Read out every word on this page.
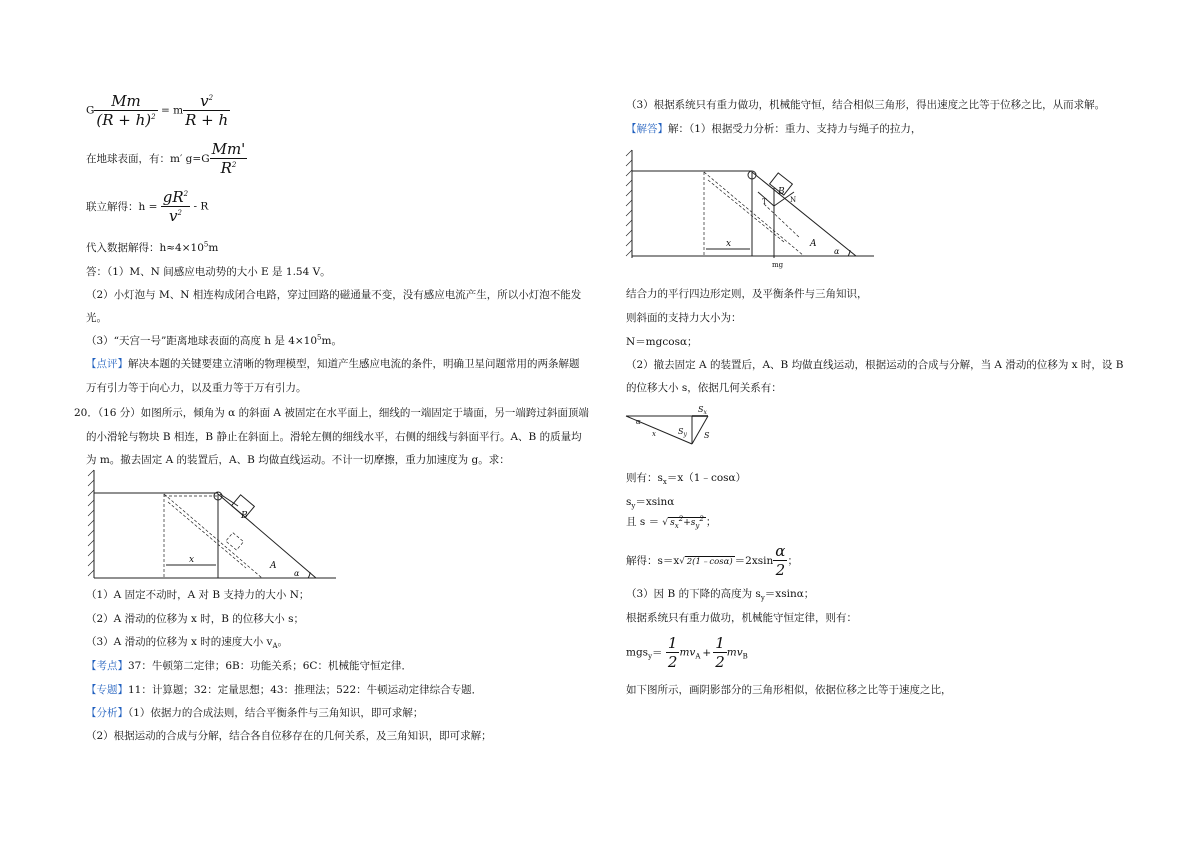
G $\frac{Mm}{(R + h)^2} = m \frac{v^2}{R + h}$
在地球表面，有：m′ $g=G \frac{Mm'}{R^2}$
联立解得：$h = \frac{gR^2}{v^2} - R$
代入数据解得：$h\approx 4\times 10^5m$
答：（1）M、N 间感应电动势的大小 E 是 1.54 V。
（2）小灯泡与 M、N 相连构成闭合电路，穿过回路的磁通量不变，没有感应电流产生，所以小灯泡不能发
光。
（3）“天宫一号”距离地球表面的高度 h 是 $4\times 10^5m$。
【点评】解决本题的关键要建立清晰的物理模型，知道产生感应电流的条件，明确卫星问题常用的两条解题
万有引力等于向心力，以及重力等于万有引力。
20．（16 分）如图所示，倾角为 α 的斜面 A 被固定在水平面上，细线的一端固定于墙面，另一端跨过斜面顶端
的小滑轮与物块 B 相连，B 静止在斜面上。滑轮左侧的细线水平，右侧的细线与斜面平行。A、B 的质量均
为 m。撤去固定 A 的装置后，A、B 均做直线运动。不计一切摩擦，重力加速度为 g。求：
B
A
x
α
（1）A 固定不动时，A 对 B 支持力的大小 N；
（2）A 滑动的位移为 x 时，B 的位移大小 s；
（3）A 滑动的位移为 x 时的速度大小 $v_A$。
【考点】37：牛顿第二定律；6B：功能关系；6C：机械能守恒定律．
【专题】11：计算题；32：定量思想；43：推理法；522：牛顿运动定律综合专题．
【分析】（1）依据力的合成法则，结合平衡条件与三角知识，即可求解；
（2）根据运动的合成与分解，结合各自位移存在的几何关系，及三角知识，即可求解；
（3）根据系统只有重力做功，机械能守恒，结合相似三角形，得出速度之比等于位移之比，从而求解。
【解答】解：（1）根据受力分析：重力、支持力与绳子的拉力，
B
A
x
α
T	N
mg
结合力的平行四边形定则，及平衡条件与三角知识，
则斜面的支持力大小为：
N＝mgcosα；
（2）撤去固定 A 的装置后，A、B 均做直线运动，根据运动的合成与分解，当 A 滑动的位移为 x 时，设 B
的位移大小 s，依据几何关系有：
α
x
$S_x$
$S_y$ S
则有：$s_x=x(1﹣\cos\alpha)$
$s_y=xsin\alpha$
且 s ＝ √ $s_x^2+s_y^2$ ；
解得：s＝x√ 2(1﹣cosα) $=2xsin \frac{\alpha}{2}$ ；
（3）因 B 的下降的高度为 $s_y=xsin\alpha$；
根据系统只有重力做功，机械能守恒定律，则有：
$mgs_y= \frac{1}{2} mv_A + \frac{1}{2} mv_B$
如下图所示，画阴影部分的三角形相似，依据位移之比等于速度之比，
